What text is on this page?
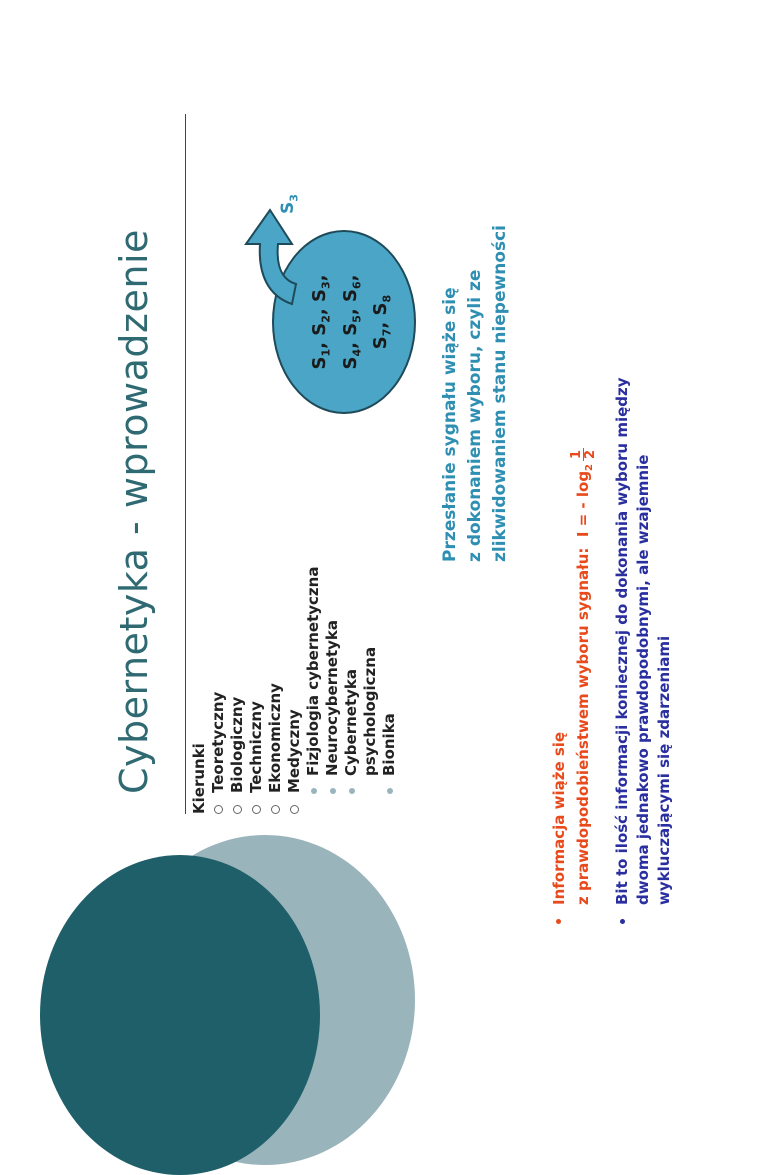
Cybernetyka - wprowadzenie Kierunki Teoretyczny Biologiczny Techniczny Ekonomiczny Medyczny Fizjologia cybernetyczna Neurocybernetyka Cybernetyka psychologiczna Bionika
$S_1$, $S_2$, $S_3$,
$S_4$, $S_5$, $S_6$,
$S_7$, $S_8$
$S_3$
Przesłanie sygnału wiąże się z dokonaniem wyboru, czyli ze zlikwidowaniem stanu niepewności
Informacja wiąże się z prawdopodobieństwem wyboru sygnału:  I = - $\log_2$
1 2 Bit to ilość informacji koniecznej do dokonania wyboru między dwoma jednakowo prawdopodobnymi, ale wzajemnie wykluczającymi się zdarzeniami
